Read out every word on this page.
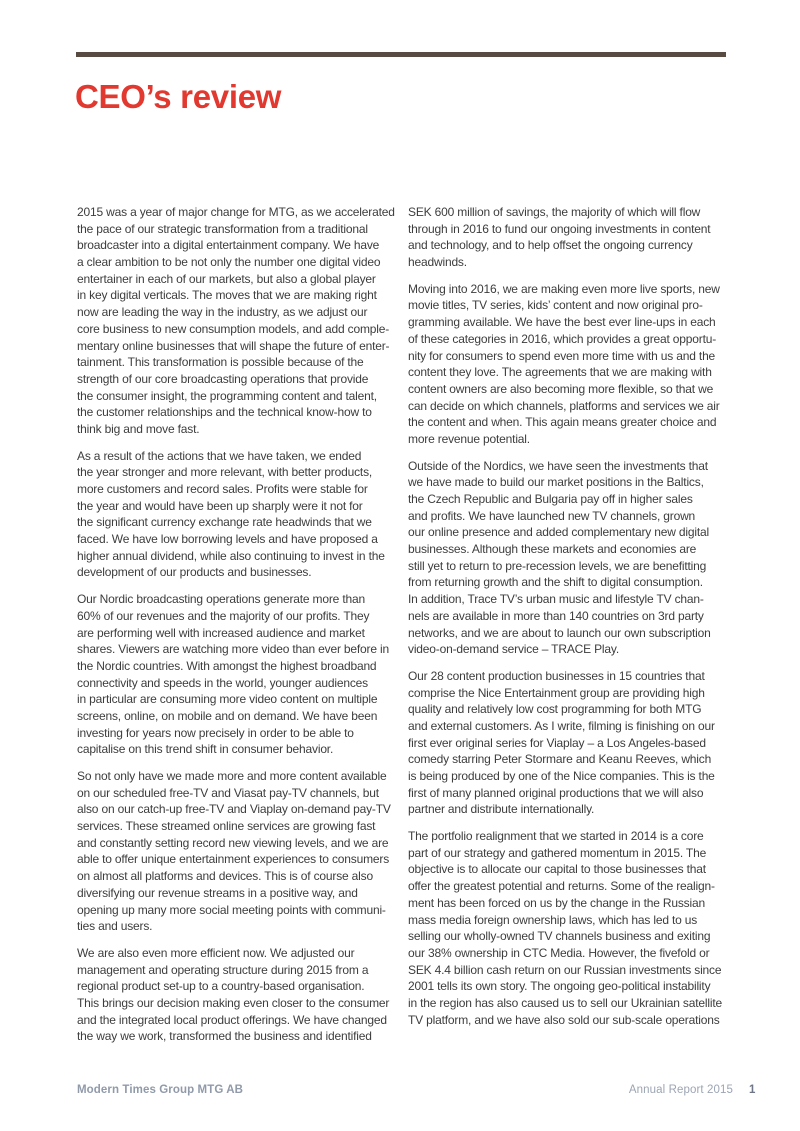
CEO’s review
2015 was a year of major change for MTG, as we accelerated
the pace of our strategic transformation from a traditional
broadcaster into a digital entertainment company. We have
a clear ambition to be not only the number one digital video
entertainer in each of our markets, but also a global player
in key digital verticals. The moves that we are making right
now are leading the way in the industry, as we adjust our
core business to new consumption models, and add comple-
mentary online businesses that will shape the future of enter-
tainment. This transformation is possible because of the
strength of our core broadcasting operations that provide
the consumer insight, the programming content and talent,
the customer relationships and the technical know-how to
think big and move fast.
As a result of the actions that we have taken, we ended
the year stronger and more relevant, with better products,
more customers and record sales. Profits were stable for
the year and would have been up sharply were it not for
the significant currency exchange rate headwinds that we
faced. We have low borrowing levels and have proposed a
higher annual dividend, while also continuing to invest in the
development of our products and businesses.
Our Nordic broadcasting operations generate more than
60% of our revenues and the majority of our profits. They
are performing well with increased audience and market
shares. Viewers are watching more video than ever before in
the Nordic countries. With amongst the highest broadband
connectivity and speeds in the world, younger audiences
in particular are consuming more video content on multiple
screens, online, on mobile and on demand. We have been
investing for years now precisely in order to be able to
capitalise on this trend shift in consumer behavior.
So not only have we made more and more content available
on our scheduled free-TV and Viasat pay-TV channels, but
also on our catch-up free-TV and Viaplay on-demand pay-TV
services. These streamed online services are growing fast
and constantly setting record new viewing levels, and we are
able to offer unique entertainment experiences to consumers
on almost all platforms and devices. This is of course also
diversifying our revenue streams in a positive way, and
opening up many more social meeting points with communi-
ties and users.
We are also even more efficient now. We adjusted our
management and operating structure during 2015 from a
regional product set-up to a country-based organisation.
This brings our decision making even closer to the consumer
and the integrated local product offerings. We have changed
the way we work, transformed the business and identified
SEK 600 million of savings, the majority of which will flow
through in 2016 to fund our ongoing investments in content
and technology, and to help offset the ongoing currency
headwinds.
Moving into 2016, we are making even more live sports, new
movie titles, TV series, kids’ content and now original pro-
gramming available. We have the best ever line-ups in each
of these categories in 2016, which provides a great opportu-
nity for consumers to spend even more time with us and the
content they love. The agreements that we are making with
content owners are also becoming more flexible, so that we
can decide on which channels, platforms and services we air
the content and when. This again means greater choice and
more revenue potential.
Outside of the Nordics, we have seen the investments that
we have made to build our market positions in the Baltics,
the Czech Republic and Bulgaria pay off in higher sales
and profits. We have launched new TV channels, grown
our online presence and added complementary new digital
businesses. Although these markets and economies are
still yet to return to pre-recession levels, we are benefitting
from returning growth and the shift to digital consumption.
In addition, Trace TV’s urban music and lifestyle TV chan-
nels are available in more than 140 countries on 3rd party
networks, and we are about to launch our own subscription
video-on-demand service – TRACE Play.
Our 28 content production businesses in 15 countries that
comprise the Nice Entertainment group are providing high
quality and relatively low cost programming for both MTG
and external customers. As I write, filming is finishing on our
first ever original series for Viaplay – a Los Angeles-based
comedy starring Peter Stormare and Keanu Reeves, which
is being produced by one of the Nice companies. This is the
first of many planned original productions that we will also
partner and distribute internationally.
The portfolio realignment that we started in 2014 is a core
part of our strategy and gathered momentum in 2015. The
objective is to allocate our capital to those businesses that
offer the greatest potential and returns. Some of the realign-
ment has been forced on us by the change in the Russian
mass media foreign ownership laws, which has led to us
selling our wholly-owned TV channels business and exiting
our 38% ownership in CTC Media. However, the fivefold or
SEK 4.4 billion cash return on our Russian investments since
2001 tells its own story. The ongoing geo-political instability
in the region has also caused us to sell our Ukrainian satellite
TV platform, and we have also sold our sub-scale operations
Modern Times Group MTG AB	Annual Report 2015 1
